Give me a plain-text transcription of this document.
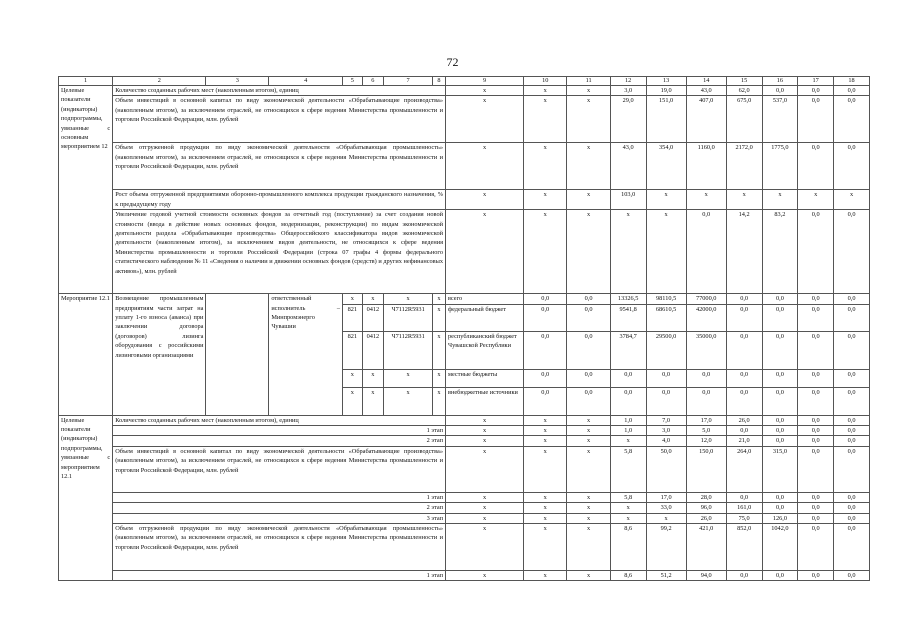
72
1	2	3	4	5	6	7	8	9	10	11	12	13	14	15	16	17	18
Целевые показатели (индикаторы) подпрограммы, увязанные с основным мероприятием 12	Количество созданных рабочих мест (накопленным итогом), единиц							x	x	x	3,0	19,0	43,0	62,0	0,0	0,0	0,0
	Объем инвестиций в основной капитал по виду экономической деятельности «Обрабатывающие производства» (накопленным итогом), за исключением отраслей, не относящихся к сфере ведения Министерства промышленности и торговли Российской Федерации, млн. рублей							x	x	x	29,0	151,0	407,0	675,0	537,0	0,0	0,0
	Объем отгруженной продукции по виду экономической деятельности «Обрабатывающая промышленность» (накопленным итогом), за исключением отраслей, не относящихся к сфере ведения Министерства промышленности и торговли Российской Федерации, млн. рублей							x	x	x	43,0	354,0	1160,0	2172,0	1775,0	0,0	0,0
	Рост объема отгруженной предприятиями оборонно-промышленного комплекса продукции гражданского назначения, % к предыдущему году							x	x	x	103,0	x	x	x	x	x	x
	Увеличение годовой учетной стоимости основных фондов за отчетный год (поступление) за счет создания новой стоимости (ввода в действие новых основных фондов, модернизации, реконструкции) по видам экономической деятельности раздела «Обрабатывающие производства» Общероссийского классификатора видов экономической деятельности (накопленным итогом), за исключением видов деятельности, не относящихся к сфере ведения Министерства промышленности и торговли Российской Федерации (строка 07 графы 4 формы федерального статистического наблюдения № 11 «Сведения о наличии и движении основных фондов (средств) и других нефинансовых активов»), млн. рублей							x	x	x	x	x	0,0	14,2	83,2	0,0	0,0
Мероприятие 12.1	Возмещение промышленным предприятиям части затрат на уплату 1-го взноса (аванса) при заключении договора (договоров) лизинга оборудования с российскими лизинговыми организациями		ответственный исполнитель – Минпромэнерго Чувашии	x	x	x	x	всего	0,0	0,0	13326,5	98110,5	77000,0	0,0	0,0	0,0	0,0
				821	0412	Ч7112R5931	x	федеральный бюджет	0,0	0,0	9541,8	68610,5	42000,0	0,0	0,0	0,0	0,0
				821	0412	Ч7112R5931	x	республиканский бюджет Чувашской Республики	0,0	0,0	3784,7	29500,0	35000,0	0,0	0,0	0,0	0,0
				x	x	x	x	местные бюджеты	0,0	0,0	0,0	0,0	0,0	0,0	0,0	0,0	0,0
				x	x	x	x	внебюджетные источники	0,0	0,0	0,0	0,0	0,0	0,0	0,0	0,0	0,0
Целевые показатели (индикаторы) подпрограммы, увязанные с мероприятием 12.1	Количество созданных рабочих мест (накопленным итогом), единиц							x	x	x	1,0	7,0	17,0	26,0	0,0	0,0	0,0
	1 этап							x	x	x	1,0	3,0	5,0	0,0	0,0	0,0	0,0
	2 этап							x	x	x	x	4,0	12,0	21,0	0,0	0,0	0,0
	Объем инвестиций в основной капитал по виду экономической деятельности «Обрабатывающие производства» (накопленным итогом), за исключением отраслей, не относящихся к сфере ведения Министерства промышленности и торговли Российской Федерации, млн. рублей							x	x	x	5,8	50,0	150,0	264,0	315,0	0,0	0,0
	1 этап							x	x	x	5,8	17,0	28,0	0,0	0,0	0,0	0,0
	2 этап							x	x	x	x	33,0	96,0	161,0	0,0	0,0	0,0
	3 этап							x	x	x	x	x	26,0	75,0	126,0	0,0	0,0
	Объем отгруженной продукции по виду экономической деятельности «Обрабатывающая промышленность» (накопленным итогом), за исключением отраслей, не относящихся к сфере ведения Министерства промышленности и торговли Российской Федерации, млн. рублей							x	x	x	8,6	99,2	421,0	852,0	1042,0	0,0	0,0
	1 этап							x	x	x	8,6	51,2	94,0	0,0	0,0	0,0	0,0
